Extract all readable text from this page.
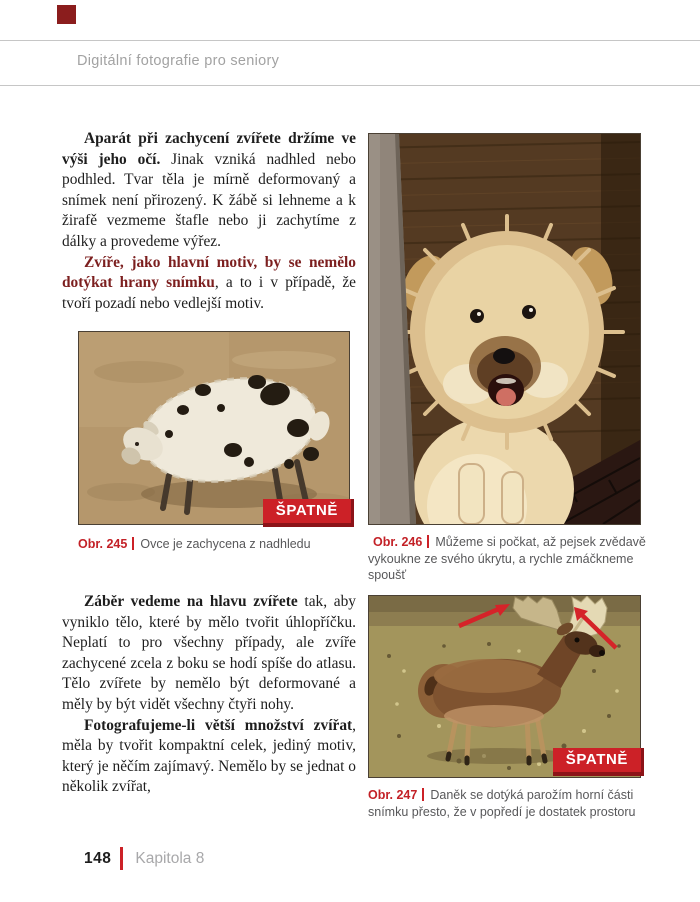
Digitální fotografie pro seniory

Aparát při zachycení zvířete držíme ve výši jeho očí. Jinak vzniká nadhled nebo podhled. Tvar těla je mírně deformovaný a snímek není přirozený. K žábě si lehneme a k žirafě vezmeme štafle nebo ji zachytíme z dálky a provedeme výřez.

Zvíře, jako hlavní motiv, by se nemělo dotýkat hrany snímku, a to i v případě, že tvoří pozadí nebo vedlejší motiv.

ŠPATNĚ
Obr. 245 Ovce je zachycena z nadhledu

Záběr vedeme na hlavu zvířete tak, aby vyniklo tělo, které by mělo tvořit úhlopříčku. Neplatí to pro všechny případy, ale zvíře zachycené zcela z boku se hodí spíše do atlasu. Tělo zvířete by nemělo být deformované a měly by být vidět všechny čtyři nohy.

Fotografujeme-li větší množství zvířat, měla by tvořit kompaktní celek, jediný motiv, který je něčím zajímavý. Nemělo by se jednat o několik zvířat,

Obr. 246 Můžeme si počkat, až pejsek zvědavě vykoukne ze svého úkrytu, a rychle zmáčkneme spoušť
ŠPATNĚ
Obr. 247 Daněk se dotýká parožím horní části snímku přesto, že v popředí je dostatek prostoru
148 Kapitola 8
